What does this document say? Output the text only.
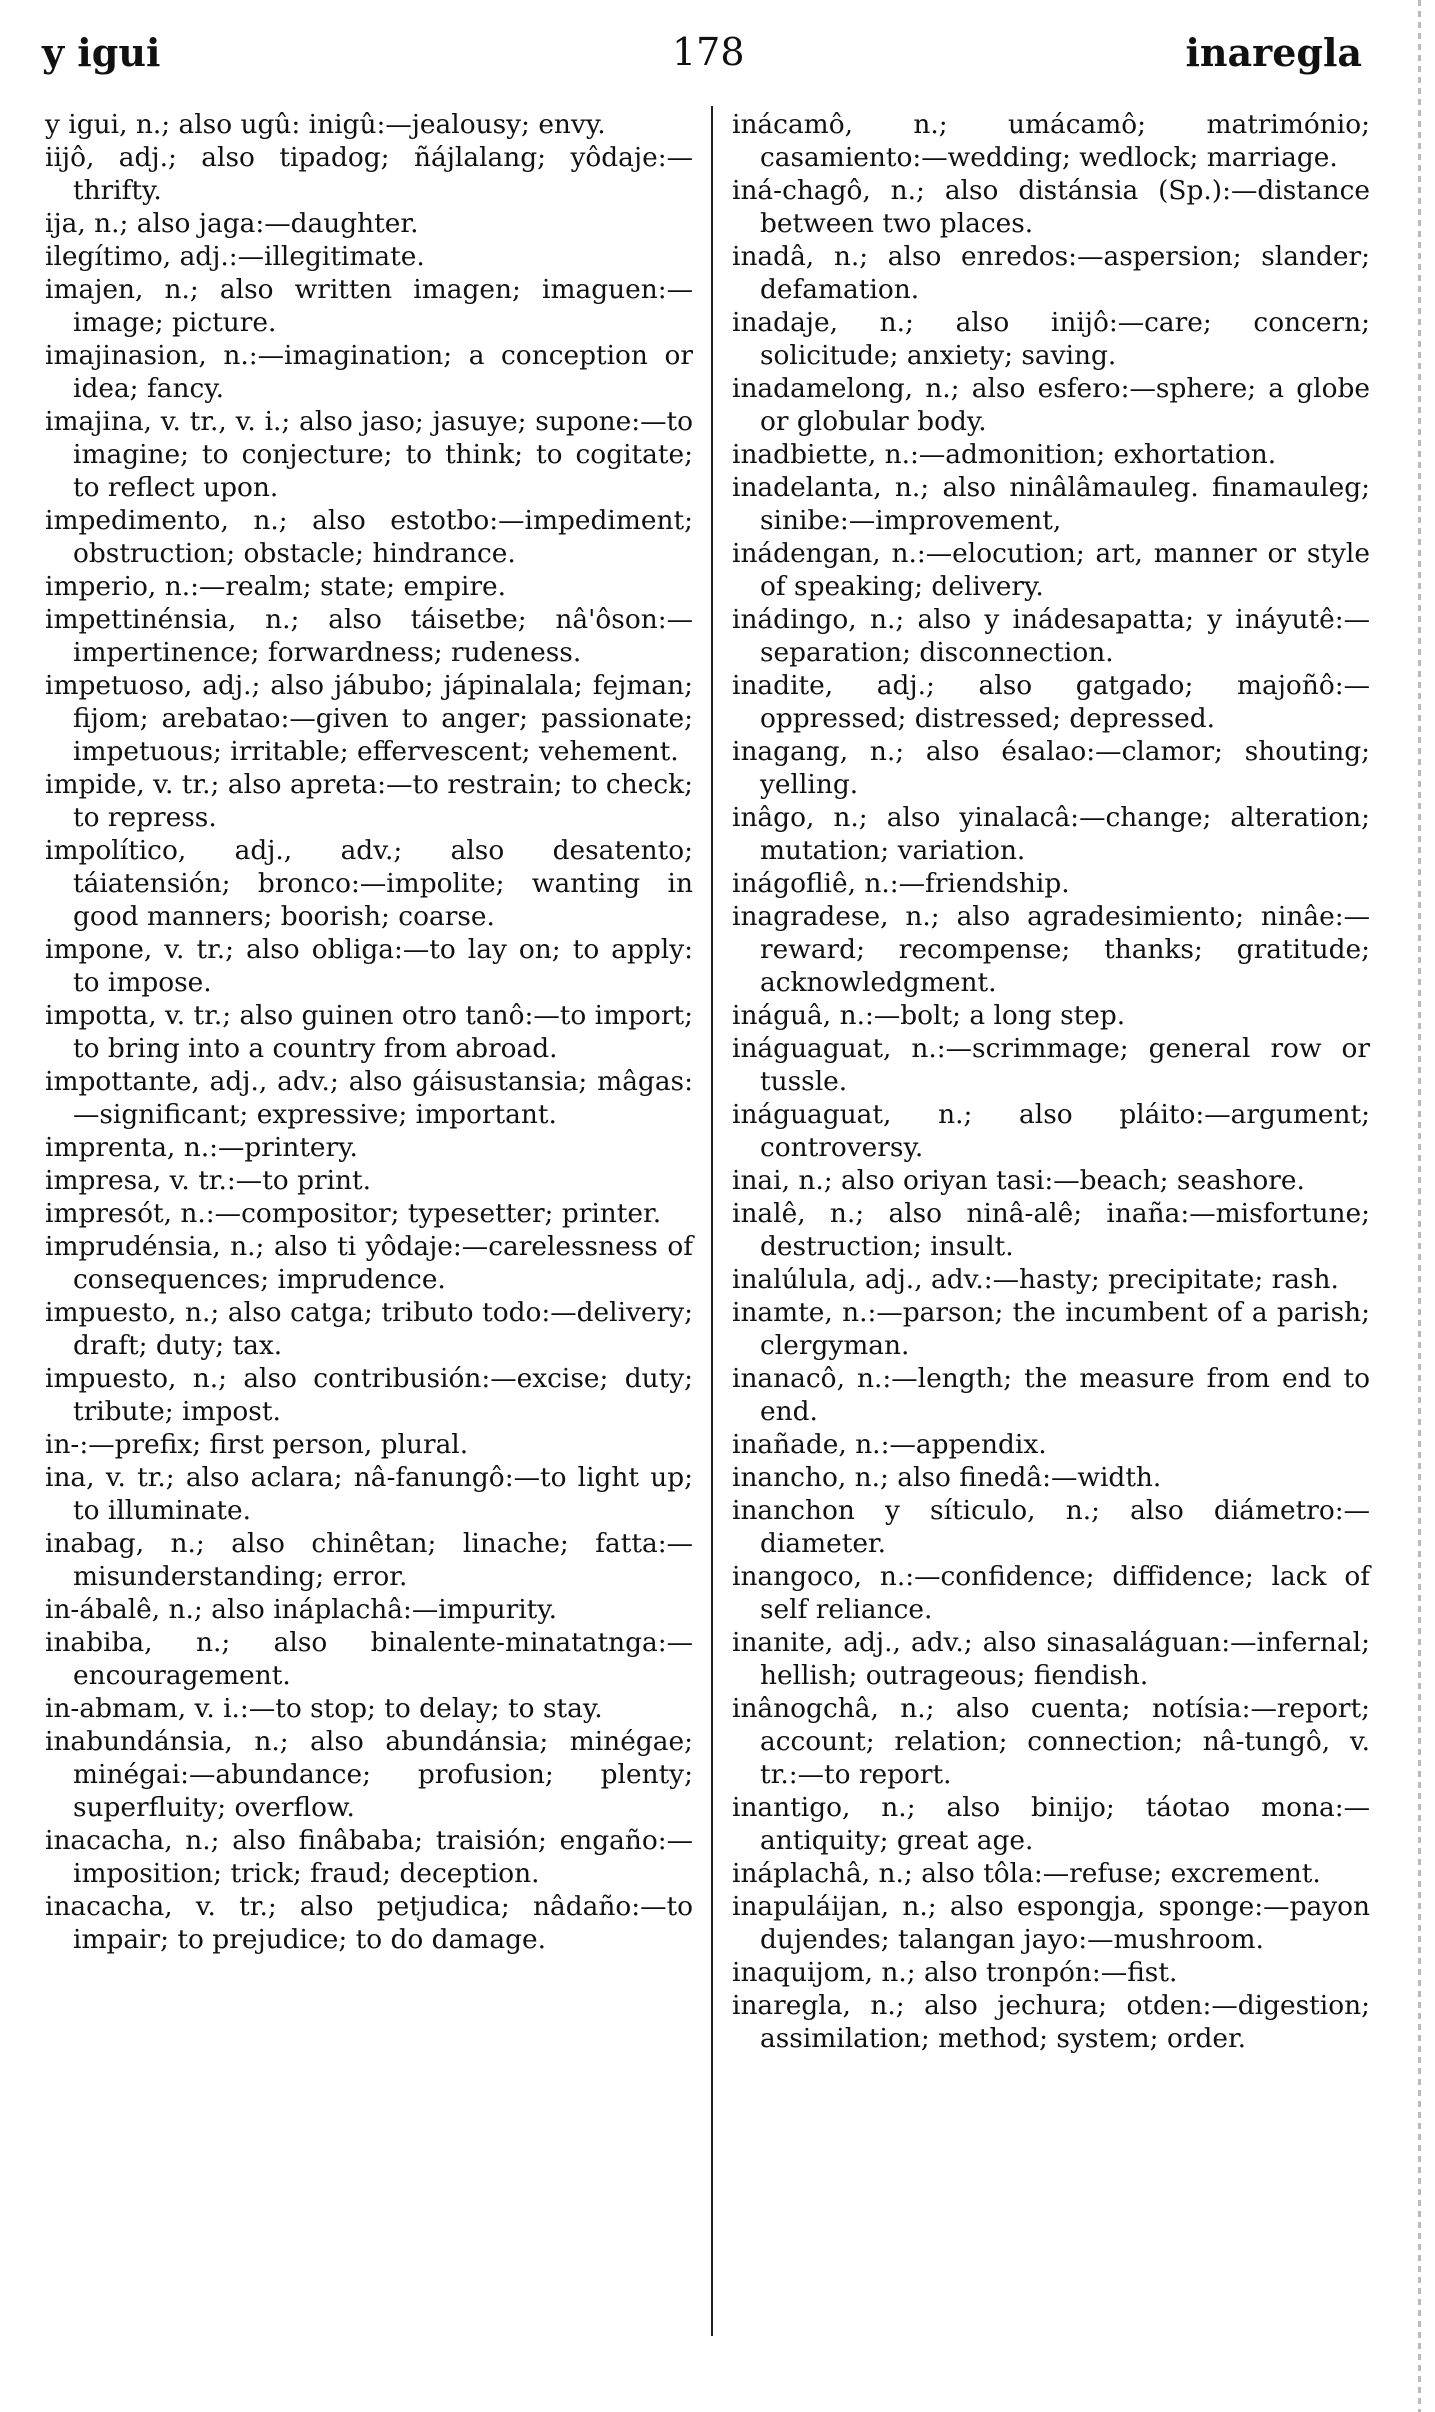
y igui	178	inaregla

y igui, n.; also ugû: inigû:—jealousy; envy.

iijô, adj.; also tipadog; ñájlalang; yôdaje:—thrifty.

ija, n.; also jaga:—daughter.

ilegítimo, adj.:—illegitimate.

imajen, n.; also written imagen; imaguen:—image; picture.

imajinasion, n.:—imagination; a conception or idea; fancy.

imajina, v. tr., v. i.; also jaso; jasuye; supone:—to imagine; to conjecture; to think; to cogitate; to reflect upon.

impedimento, n.; also estotbo:—impediment; obstruction; obstacle; hindrance.

imperio, n.:—realm; state; empire.

impettinénsia, n.; also táisetbe; nâ'ôson:—impertinence; forwardness; rudeness.

impetuoso, adj.; also jábubo; jápinalala; fejman; fijom; arebatao:—given to anger; passionate; impetuous; irritable; effervescent; vehement.

impide, v. tr.; also apreta:—to restrain; to check; to repress.

impolítico, adj., adv.; also desatento; táiatensión; bronco:—impolite; wanting in good manners; boorish; coarse.

impone, v. tr.; also obliga:—to lay on; to apply: to impose.

impotta, v. tr.; also guinen otro tanô:—to import; to bring into a country from abroad.

impottante, adj., adv.; also gáisustansia; mâgas:—significant; expressive; important.

imprenta, n.:—printery.

impresa, v. tr.:—to print.

impresót, n.:—compositor; typesetter; printer.

imprudénsia, n.; also ti yôdaje:—carelessness of consequences; imprudence.

impuesto, n.; also catga; tributo todo:—delivery; draft; duty; tax.

impuesto, n.; also contribusión:—excise; duty; tribute; impost.

in-:—prefix; first person, plural.

ina, v. tr.; also aclara; nâ-fanungô:—to light up; to illuminate.

inabag, n.; also chinêtan; linache; fatta:—misunderstanding; error.

in-ábalê, n.; also ináplachâ:—impurity.

inabiba, n.; also binalente-minatatnga:—encouragement.

in-abmam, v. i.:—to stop; to delay; to stay.

inabundánsia, n.; also abundánsia; minégae; minégai:—abundance; profusion; plenty; superfluity; overflow.

inacacha, n.; also finâbaba; traisión; engaño:—imposition; trick; fraud; deception.

inacacha, v. tr.; also petjudica; nâdaño:—to impair; to prejudice; to do damage.

inácamô, n.; umácamô; matrimónio; casamiento:—wedding; wedlock; marriage.

iná-chagô, n.; also distánsia (Sp.):—distance between two places.

inadâ, n.; also enredos:—aspersion; slander; defamation.

inadaje, n.; also inijô:—care; concern; solicitude; anxiety; saving.

inadamelong, n.; also esfero:—sphere; a globe or globular body.

inadbiette, n.:—admonition; exhortation.

inadelanta, n.; also ninâlâmauleg. finamauleg; sinibe:—improvement,

inádengan, n.:—elocution; art, manner or style of speaking; delivery.

inádingo, n.; also y inádesapatta; y ináyutê:—separation; disconnection.

inadite, adj.; also gatgado; majoñô:—oppressed; distressed; depressed.

inagang, n.; also ésalao:—clamor; shouting; yelling.

inâgo, n.; also yinalacâ:—change; alteration; mutation; variation.

inágofliê, n.:—friendship.

inagradese, n.; also agradesimiento; ninâe:—reward; recompense; thanks; gratitude; acknowledgment.

ináguâ, n.:—bolt; a long step.

ináguaguat, n.:—scrimmage; general row or tussle.

ináguaguat, n.; also pláito:—argument; controversy.

inai, n.; also oriyan tasi:—beach; seashore.

inalê, n.; also ninâ-alê; inaña:—misfortune; destruction; insult.

inalúlula, adj., adv.:—hasty; precipitate; rash.

inamte, n.:—parson; the incumbent of a parish; clergyman.

inanacô, n.:—length; the measure from end to end.

inañade, n.:—appendix.

inancho, n.; also finedâ:—width.

inanchon y síticulo, n.; also diámetro:—diameter.

inangoco, n.:—confidence; diffidence; lack of self reliance.

inanite, adj., adv.; also sinasaláguan:—infernal; hellish; outrageous; fiendish.

inânogchâ, n.; also cuenta; notísia:—report; account; relation; connection; nâ-tungô, v. tr.:—to report.

inantigo, n.; also binijo; táotao mona:—antiquity; great age.

ináplachâ, n.; also tôla:—refuse; excrement.

inapuláijan, n.; also espongja, sponge:—payon dujendes; talangan jayo:—mushroom.

inaquijom, n.; also tronpón:—fist.

inaregla, n.; also jechura; otden:—digestion; assimilation; method; system; order.
